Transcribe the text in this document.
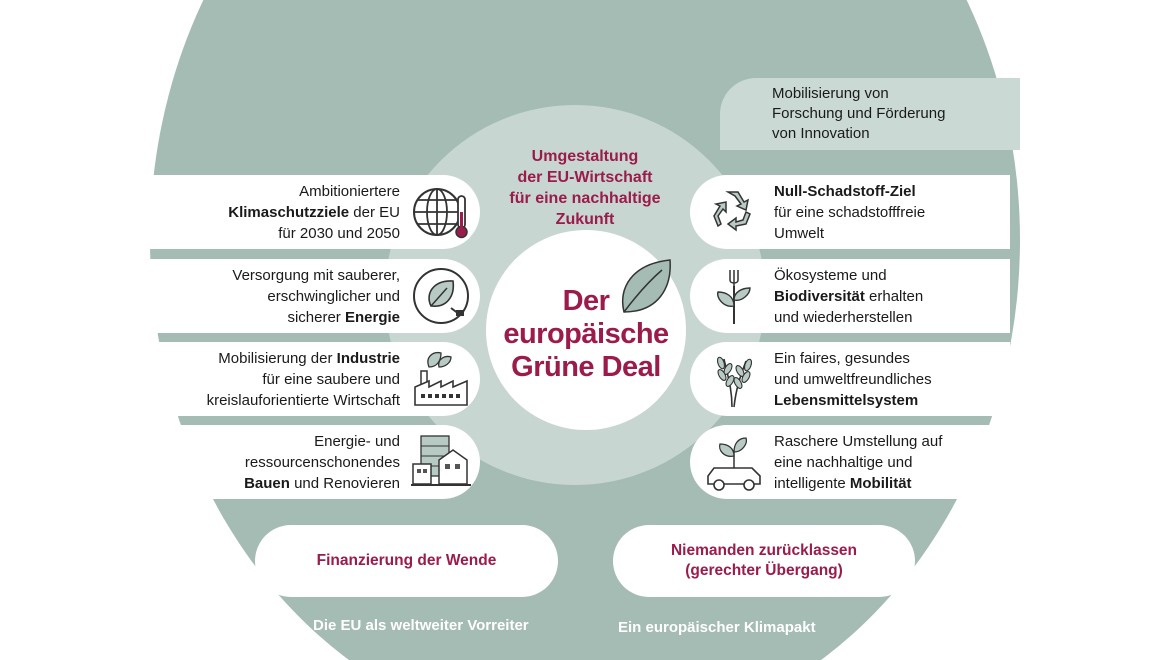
Mobilisierung von
Forschung und Förderung
von Innovation
Umgestaltung
der EU-Wirtschaft
für eine nachhaltige
Zukunft
Ambitioniertere
Klimaschutzziele der EU
für 2030 und 2050
Versorgung mit sauberer,
erschwinglicher und
sicherer Energie
Mobilisierung der Industrie
für eine saubere und
kreislauforientierte Wirtschaft
Energie- und
ressourcenschonendes
Bauen und Renovieren
Null-Schadstoff-Ziel
für eine schadstofffreie
Umwelt
Ökosysteme und
Biodiversität erhalten
und wiederherstellen
Ein faires, gesundes
und umweltfreundliches
Lebensmittelsystem
Raschere Umstellung auf
eine nachhaltige und
intelligente Mobilität
Der
europäische
Grüne Deal
Finanzierung der Wende
Niemanden zurücklassen
(gerechter Übergang)
Die EU als weltweiter Vorreiter	Ein europäischer Klimapakt
